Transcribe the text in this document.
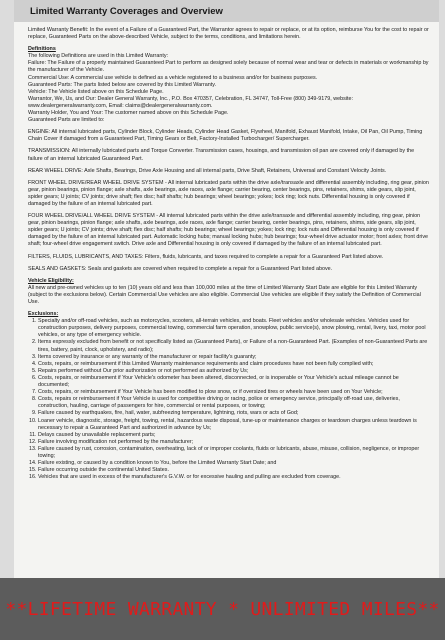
Limited Warranty Coverages and Overview

Limited Warranty Benefit: In the event of a Failure of a Guaranteed Part, the Warrantor agrees to repair or replace, or at its option, reimburse You for the cost to repair or replace, Guaranteed Parts on the above-described Vehicle, subject to the terms, conditions, and limitations herein.

Definitions

The following Definitions are used in this Limited Warranty:

Failure: The Failure of a properly maintained Guaranteed Part to perform as designed solely because of normal wear and tear or defects in materials or workmanship by the manufacturer of the Vehicle.

Commercial Use: A commercial use vehicle is defined as a vehicle registered to a business and/or for business purposes.

Guaranteed Parts: The parts listed below are covered by this Limited Warranty.

Vehicle: The Vehicle listed above on this Schedule Page.

Warrantor, We, Us, and Our: Dealer General Warranty, Inc., P.O. Box 470357, Celebration, FL 34747, Toll-Free (800) 349-9179, website: www.dealergeneralwarranty.com, Email: claims@dealergeneralwarranty.com.

Warranty Holder, You and Your: The customer named above on this Schedule Page.

Guaranteed Parts are limited to:

ENGINE: All internal lubricated parts, Cylinder Block, Cylinder Heads, Cylinder Head Gasket, Flywheel, Manifold, Exhaust Manifold, Intake, Oil Pan, Oil Pump, Timing Chain Cover if damaged from a Guaranteed Part, Timing Gears or Belt, Factory-Installed Turbocharger/ Supercharger.

TRANSMISSION: All internally lubricated parts and Torque Converter. Transmission cases, housings, and transmission oil pan are covered only if damaged by the failure of an internal lubricated Guaranteed Part.

REAR WHEEL DRIVE: Axle Shafts, Bearings, Drive Axle Housing and all internal parts, Drive Shaft, Retainers, Universal and Constant Velocity Joints.

FRONT WHEEL DRIVE/REAR WHEEL DRIVE SYSTEM - All internal lubricated parts within the drive axle/transaxle and differential assembly including, ring gear, pinion gear, pinion bearings, pinion flange; axle shafts, axle bearings, axle races, axle flange; carrier bearing, center bearings, pins, retainers, shims, side gears, slip joint, spider gears; U joints; CV joints; drive shaft; flex disc; half shafts; hub bearings; wheel bearings; yokes; lock ring; lock nuts. Differential housing is only covered if damaged by the failure of an internal lubricated part.

FOUR WHEEL DRIVE/ALL WHEEL DRIVE SYSTEM - All internal lubricated parts within the drive axle/transaxle and differential assembly including, ring gear, pinion gear, pinion bearings, pinion flange; axle shafts, axle bearings, axle races, axle flange; carrier bearing, center bearings, pins, retainers, shims, side gears, slip joint, spider gears; U joints; CV joints; drive shaft; flex disc; half shafts; hub bearings; wheel bearings; yokes; lock ring; lock nuts and Differential housing is only covered if damaged by the failure of an internal lubricated part. Automatic locking hubs; manual locking hubs; hub bearings; four-wheel drive actuator motor; front axles; front drive shaft; four-wheel drive engagement switch. Drive axle and Differential housing is only covered if damaged by the failure of an internal lubricated part.

FILTERS, FLUIDS, LUBRICANTS, AND TAXES: Filters, fluids, lubricants, and taxes required to complete a repair for a Guaranteed Part listed above.

SEALS AND GASKETS: Seals and gaskets are covered when required to complete a repair for a Guaranteed Part listed above.

Vehicle Eligibility:

All new and pre-owned vehicles up to ten (10) years old and less than 100,000 miles at the time of Limited Warranty Start Date are eligible for this Limited Warranty (subject to the exclusions below). Certain Commercial Use vehicles are also eligible. Commercial Use vehicles are eligible if they satisfy the Definition of Commercial Use.

Exclusions:
1. Specialty and/or off-road vehicles, such as motorcycles, scooters, all-terrain vehicles, and boats. Fleet vehicles and/or wholesale vehicles. Vehicles used for construction purposes, delivery purposes, commercial towing, commercial farm operation, snowplow, public service(s), snow plowing, rental, livery, taxi, motor pool vehicles, or any type of emergency vehicle.
2. Items expressly excluded from benefit or not specifically listed as (Guaranteed Parts), or Failure of a non-Guaranteed Part. (Examples of non-Guaranteed Parts are tires, battery, paint, clock, upholstery, and radio);
3. Items covered by insurance or any warranty of the manufacturer or repair facility's guaranty;
4. Costs, repairs, or reimbursement if this Limited Warranty maintenance requirements and claim procedures have not been fully complied with;
5. Repairs performed without Our prior authorization or not performed as authorized by Us;
6. Costs, repairs, or reimbursement if Your Vehicle's odometer has been altered, disconnected, or is inoperable or Your Vehicle's actual mileage cannot be documented;
7. Costs, repairs, or reimbursement if Your Vehicle has been modified to plow snow, or if oversized tires or wheels have been used on Your Vehicle;
8. Costs, repairs or reimbursement if Your Vehicle is used for competitive driving or racing, police or emergency service, principally off-road use, deliveries, construction, hauling, carriage of passengers for hire, commercial or rental purposes, or towing;
9. Failure caused by earthquakes, fire, hail, water, subfreezing temperature, lightning, riots, wars or acts of God;
10. Loaner vehicle, diagnostic, storage, freight, towing, rental, hazardous waste disposal, tune-up or maintenance charges or teardown charges unless teardown is necessary to repair a Guaranteed Part and authorized in advance by Us;
11. Delays caused by unavailable replacement parts;
12. Failure involving modification not performed by the manufacturer;
13. Failure caused by rust, corrosion, contamination, overheating, lack of or improper coolants, fluids or lubricants, abuse, misuse, collision, negligence, or improper towing;
14. Failure existing, or caused by a condition known to You, before the Limited Warranty Start Date; and
15. Failure occurring outside the continental United States.
16. Vehicles that are used in excess of the manufacturer's G.V.W. or for excessive hauling and pulling are excluded from coverage.
**LIFETIME WARRANTY * UNLIMITED MILES**
